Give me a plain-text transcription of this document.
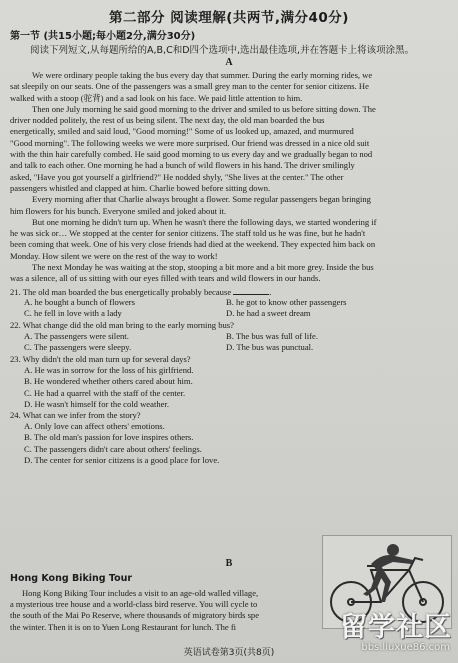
第二部分 阅读理解(共两节,满分40分)
第一节 (共15小题;每小题2分,满分30分)
阅读下列短文,从每题所给的A,B,C和D四个选项中,选出最佳选项,并在答题卡上将该项涂黑。
A

We were ordinary people taking the bus every day that summer. During the early morning rides, we

sat sleepily on our seats. One of the passengers was a small grey man to the center for senior citizens. He

walked with a stoop (驼背) and a sad look on his face. We paid little attention to him.

Then one July morning he said good morning to the driver and smiled to us before sitting down. The

driver nodded politely, the rest of us being silent. The next day, the old man boarded the bus

energetically, smiled and said loud, "Good morning!" Some of us looked up, amazed, and murmured

"Good morning". The following weeks we were more surprised. Our friend was dressed in a nice old suit

with the thin hair carefully combed. He said good morning to us every day and we gradually began to nod

and talk to each other. One morning he had a bunch of wild flowers in his hand. The driver smilingly

asked, "Have you got yourself a girlfriend?" He nodded shyly, "She lives at the center." The other

passengers whistled and clapped at him. Charlie bowed before sitting down.

Every morning after that Charlie always brought a flower. Some regular passengers began bringing

him flowers for his bunch. Everyone smiled and joked about it.

But one morning he didn't turn up. When he wasn't there the following days, we started wondering if

he was sick or… We stopped at the center for senior citizens. The staff told us he was fine, but he hadn't

been coming that week. One of his very close friends had died at the weekend. They expected him back on

Monday. How silent we were on the rest of the way to work!

The next Monday he was waiting at the stop, stooping a bit more and a bit more grey. Inside the bus

was a silence, all of us sitting with our eyes filled with tears and wild flowers in our hands.

21. The old man boarded the bus energetically probably because	.
A. he bought a bunch of flowers	B. he got to know other passengers
C. he fell in love with a lady	D. he had a sweet dream
22. What change did the old man bring to the early morning bus?
A. The passengers were silent.	B. The bus was full of life.
C. The passengers were sleepy.	D. The bus was punctual.
23. Why didn't the old man turn up for several days?
A. He was in sorrow for the loss of his girlfriend.
B. He wondered whether others cared about him.
C. He had a quarrel with the staff of the center.
D. He wasn't himself for the cold weather.
24. What can we infer from the story?
A. Only love can affect others' emotions.
B. The old man's passion for love inspires others.
C. The passengers didn't care about others' feelings.
D. The center for senior citizens is a good place for love.
B
Hong Kong Biking Tour

Hong Kong Biking Tour includes a visit to an age-old walled village,

a mysterious tree house and a world-class bird reserve. You will cycle to

the south of the Mai Po Reserve, where thousands of migratory birds spe

the winter. Then it is on to Yuen Long Restaurant for lunch. The fi

英语试卷第3页(共8页)
留学社区
bbs.liuxue86.com
